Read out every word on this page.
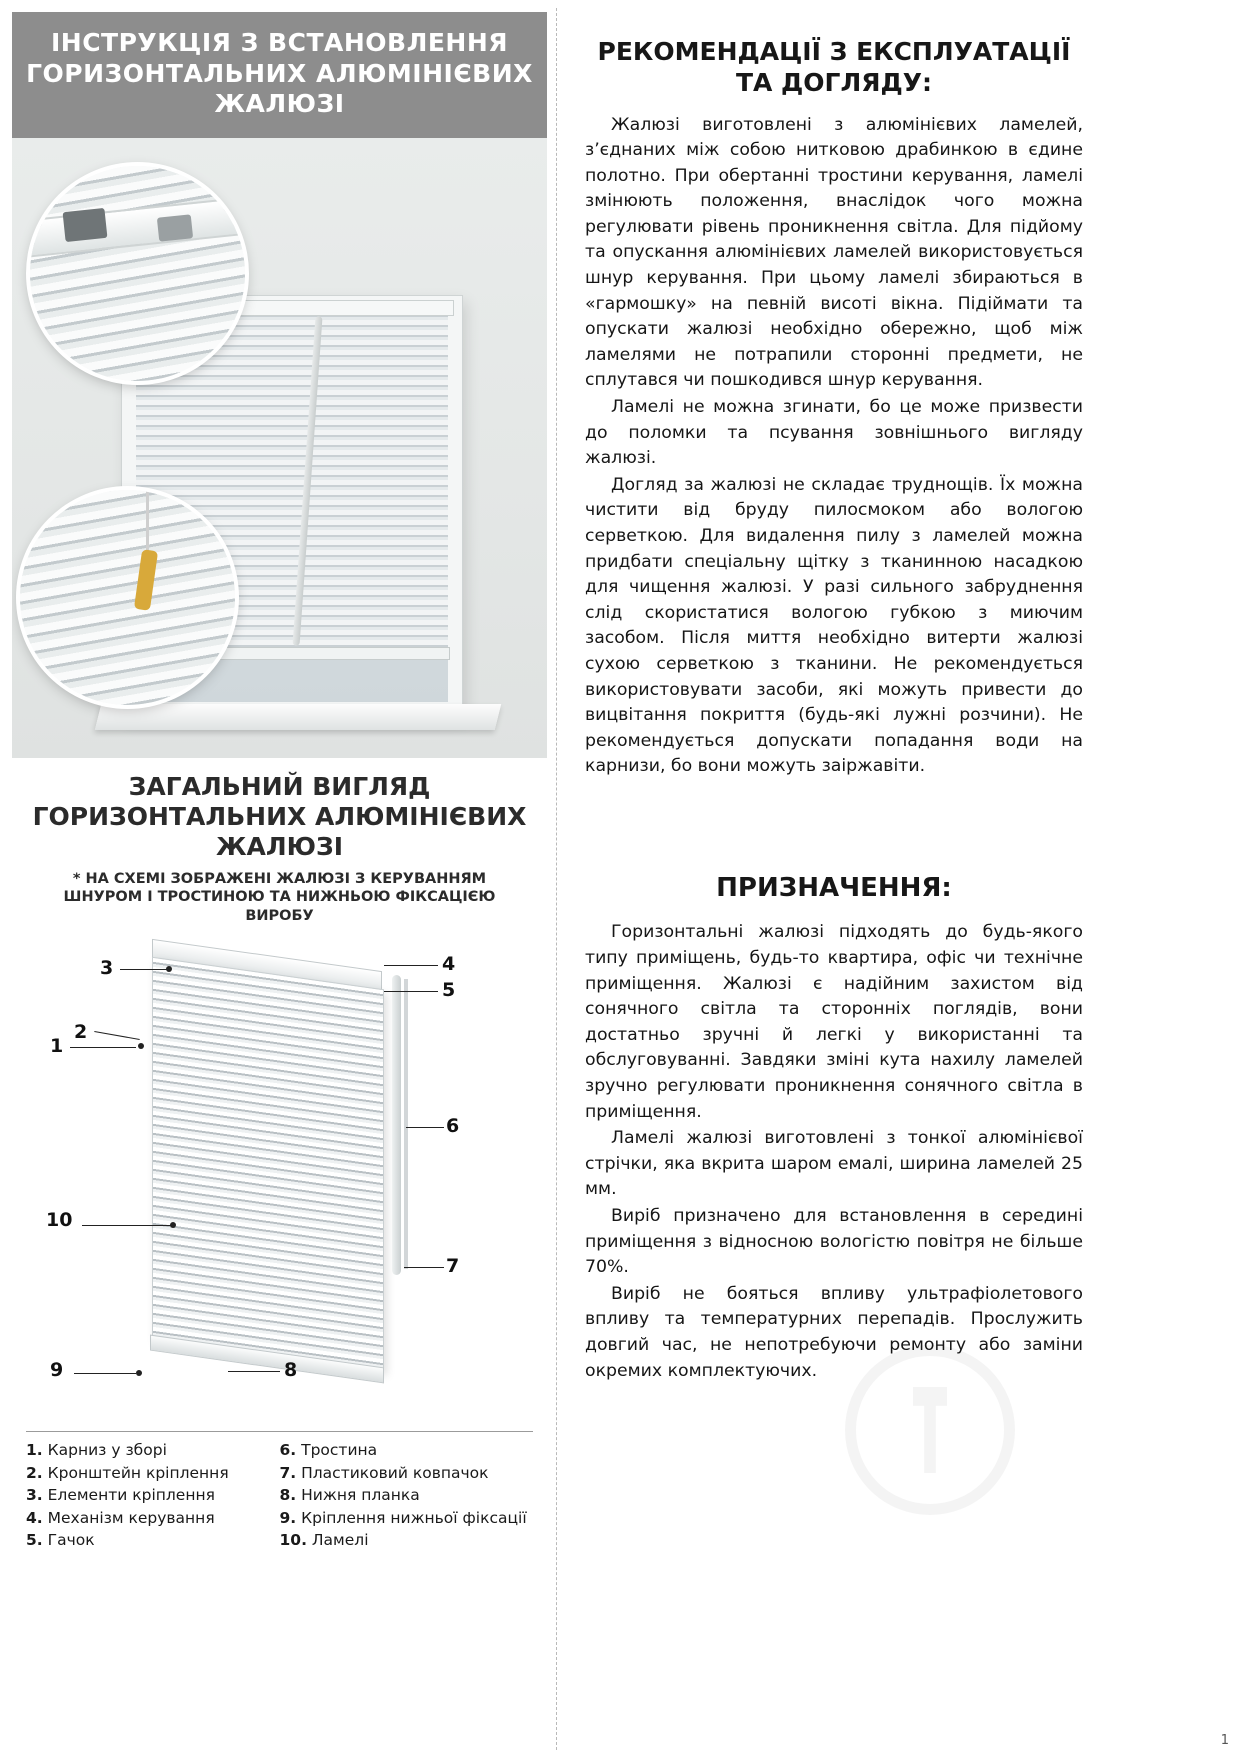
ІНСТРУКЦІЯ З ВСТАНОВЛЕННЯ ГОРИЗОНТАЛЬНИХ АЛЮМІНІЄВИХ ЖАЛЮЗІ
ЗАГАЛЬНИЙ ВИГЛЯД ГОРИЗОНТАЛЬНИХ АЛЮМІНІЄВИХ ЖАЛЮЗІ
* НА СХЕМІ ЗОБРАЖЕНІ ЖАЛЮЗІ З КЕРУВАННЯМ ШНУРОМ І ТРОСТИНОЮ ТА НИЖНЬОЮ ФІКСАЦІЄЮ ВИРОБУ
3	4
5
1
2
6
7
10
9	8
1. Карниз у зборі
2. Кронштейн кріплення
3. Елементи кріплення
4. Механізм керування
5. Гачок
6. Тростина
7. Пластиковий ковпачок
8. Нижня планка
9. Кріплення нижньої фіксації
10. Ламелі
РЕКОМЕНДАЦІЇ З ЕКСПЛУАТАЦІЇ ТА ДОГЛЯДУ:

Жалюзі виготовлені з алюмінієвих ламелей, з’єднаних між собою нитковою драбинкою в єдине полотно. При обертанні тростини керування, ламелі змінюють положення, внаслідок чого можна регулювати рівень проникнення світла. Для підйому та опускання алюмінієвих ламелей використовується шнур керування. При цьому ламелі збираються в «гармошку» на певній висоті вікна. Підіймати та опускати жалюзі необхідно обережно, щоб між ламелями не потрапили сторонні предмети, не сплутався чи пошкодився шнур керування.

Ламелі не можна згинати, бо це може призвести до поломки та псування зовнішнього вигляду жалюзі.

Догляд за жалюзі не складає труднощів. Їх можна чистити від бруду пилосмоком або вологою серветкою. Для видалення пилу з ламелей можна придбати спеціальну щітку з тканинною насадкою для чищення жалюзі. У разі сильного забруднення слід скористатися вологою губкою з миючим засобом. Після миття необхідно витерти жалюзі сухою серветкою з тканини. Не рекомендується використовувати засоби, які можуть привести до вицвітання покриття (будь-які лужні розчини). Не рекомендується допускати попадання води на карнизи, бо вони можуть заіржавіти.

ПРИЗНАЧЕННЯ:

Горизонтальні жалюзі підходять до будь-якого типу приміщень, будь-то квартира, офіс чи технічне приміщення. Жалюзі є надійним захистом від сонячного світла та сторонніх поглядів, вони достатньо зручні й легкі у використанні та обслуговуванні. Завдяки зміні кута нахилу ламелей зручно регулювати проникнення сонячного світла в приміщення.

Ламелі жалюзі виготовлені з тонкої алюмінієвої стрічки, яка вкрита шаром емалі, ширина ламелей 25 мм.

Виріб призначено для встановлення в середині приміщення з відносною вологістю повітря не більше 70%.

Виріб не бояться впливу ультрафіолетового впливу та температурних перепадів. Прослужить довгий час, не непотребуючи ремонту або заміни окремих комплектуючих.

1
